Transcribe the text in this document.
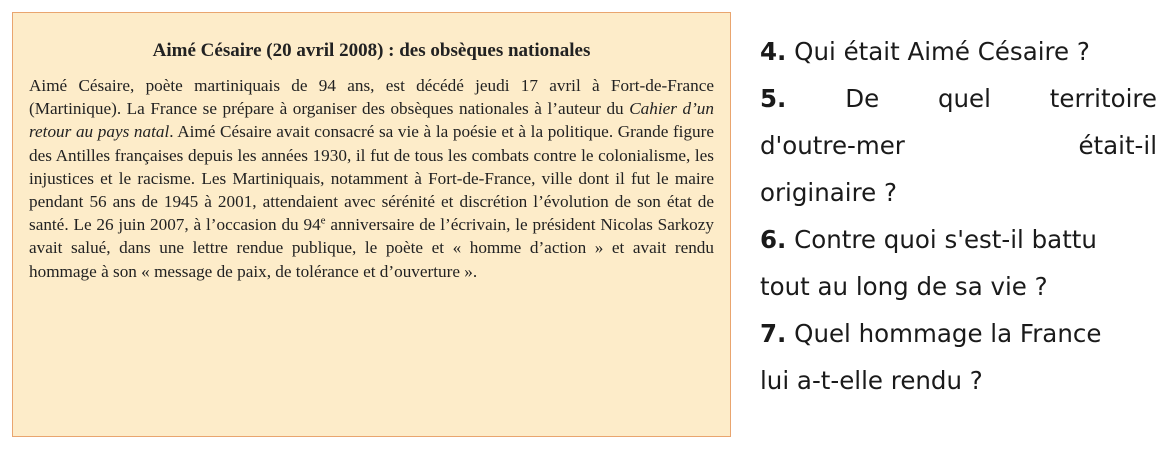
Aimé Césaire (20 avril 2008) : des obsèques nationales

Aimé Césaire, poète martiniquais de 94 ans, est décédé jeudi 17 avril à Fort-de-France (Martinique). La France se prépare à organiser des obsèques nationales à l’auteur du Cahier d’un retour au pays natal. Aimé Césaire avait consacré sa vie à la poésie et à la politique. Grande figure des Antilles françaises depuis les années 1930, il fut de tous les combats contre le colonialisme, les injustices et le racisme. Les Martiniquais, notamment à Fort-de-France, ville dont il fut le maire pendant 56 ans de 1945 à 2001, attendaient avec sérénité et discrétion l’évolution de son état de santé. Le 26 juin 2007, à l’occasion du 94e anniversaire de l’écrivain, le président Nicolas Sarkozy avait salué, dans une lettre rendue publique, le poète et « homme d’action » et avait rendu hommage à son « message de paix, de tolérance et d’ouverture ».

4. Qui était Aimé Césaire ?

5. De quel territoire
d'outre-mer était-il
originaire ?

6. Contre quoi s'est-il battu
tout au long de sa vie ?

7. Quel hommage la France
lui a-t-elle rendu ?
